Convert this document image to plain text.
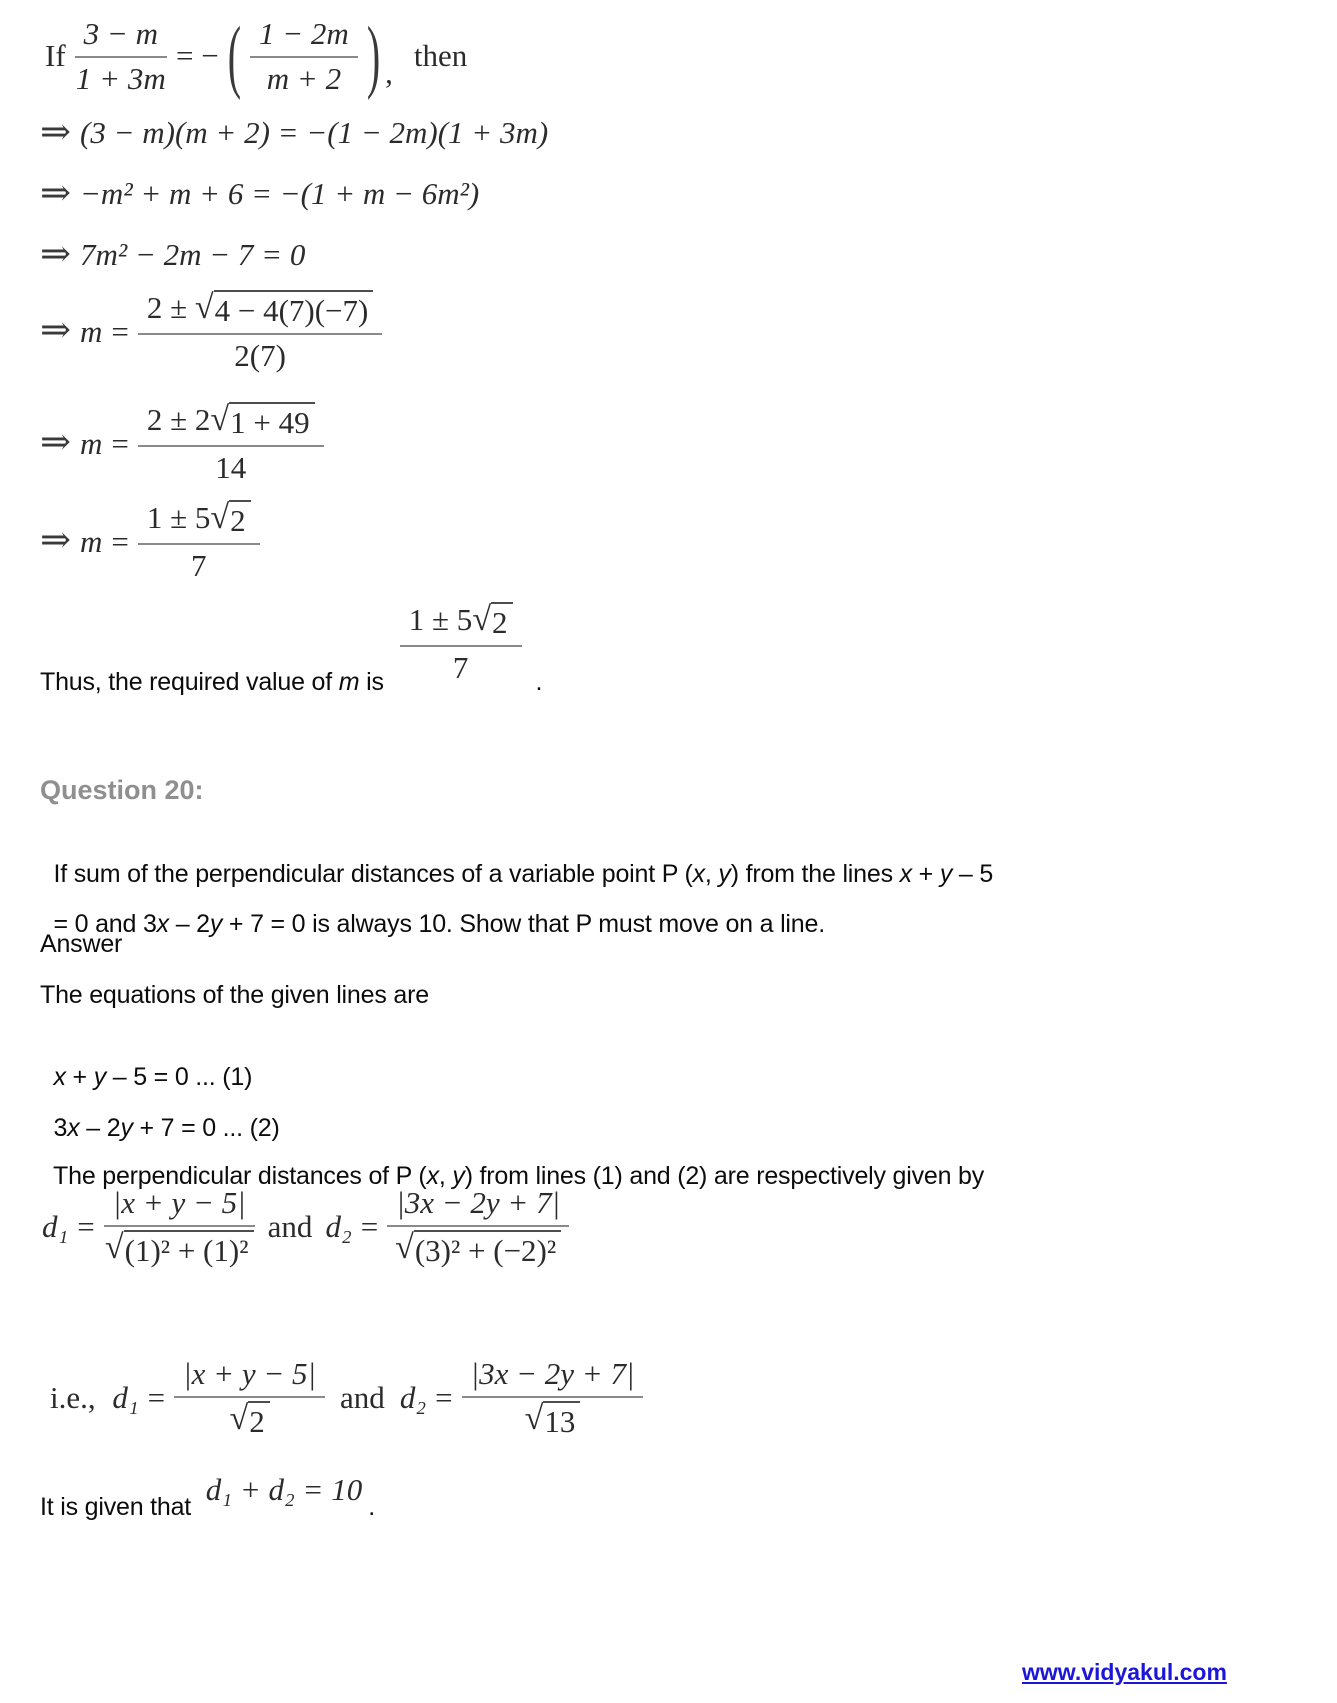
If $\frac{3 - m}{1 + 3m}$ = − ( $\frac{1 - 2m}{m + 2}$ ) , then
⇒ (3 − m)(m + 2) = −(1 − 2m)(1 + 3m)
⇒ −m² + m + 6 = −(1 + m − 6m²)
⇒ 7m² − 2m − 7 = 0
⇒ $m = \frac{2 \pm √ 4 - 4(7)(-7)}{2(7)}$
⇒ $m = \frac{2 \pm 2 √ 1 + 49}{14}$
⇒ $m = \frac{1 \pm 5 √ 2}{7}$
Thus, the required value of m is $\frac{1 \pm 5 √ 2}{7}$ .
Question 20:

If sum of the perpendicular distances of a variable point P (x, y) from the lines x + y – 5

= 0 and 3x – 2y + 7 = 0 is always 10. Show that P must move on a line.

Answer
The equations of the given lines are

x + y – 5 = 0 ... (1)

3x – 2y + 7 = 0 ... (2)

The perpendicular distances of P (x, y) from lines (1) and (2) are respectively given by

$d_1 = \frac{|x + y - 5|}{\text{√ (1)² + (1)²}}$ and $d_2 = \frac{|3x - 2y + 7|}{\text{√ (3)² + (−2)²}}$
i.e., $d_1 = \frac{|x + y - 5|}{√ 2}$ and $d_2 = \frac{|3x - 2y + 7|}{√ 13}$
It is given that d₁ + d₂ = 10 .
www.vidyakul.com
